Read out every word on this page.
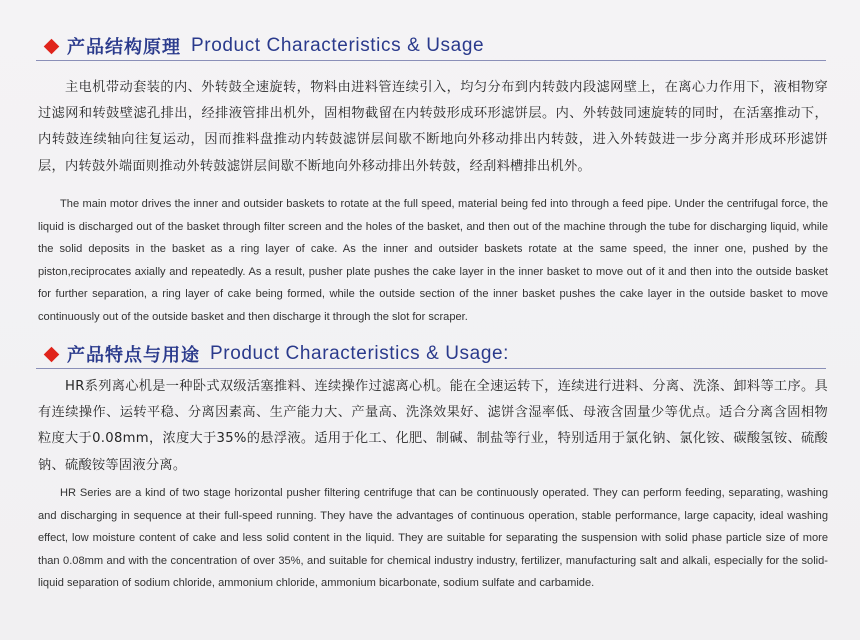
产品结构原理 Product Characteristics & Usage
主电机带动套装的内、外转鼓全速旋转，物料由进料管连续引入，均匀分布到内转鼓内段滤网壁上，在离心力作用下，液相物穿过滤网和转鼓壁滤孔排出，经排液管排出机外，固相物截留在内转鼓形成环形滤饼层。内、外转鼓同速旋转的同时，在活塞推动下，内转鼓连续轴向往复运动，因而推料盘推动内转鼓滤饼层间歇不断地向外移动排出内转鼓，进入外转鼓进一步分离并形成环形滤饼层，内转鼓外端面则推动外转鼓滤饼层间歇不断地向外移动排出外转鼓，经刮料槽排出机外。
The main motor drives the inner and outsider baskets to rotate at the full speed, material being fed into through a feed pipe. Under the centrifugal force, the liquid is discharged out of the basket through filter screen and the holes of the basket, and then out of the machine through the tube for discharging liquid, while the solid deposits in the basket as a ring layer of cake. As the inner and outsider baskets rotate at the same speed, the inner one, pushed by the piston,reciprocates axially and repeatedly. As a result, pusher plate pushes the cake layer in the inner basket to move out of it and then into the outside basket for further separation, a ring layer of cake being formed, while the outside section of the inner basket pushes the cake layer in the outside basket to move continuously out of the outside basket and then discharge it through the slot for scraper.
产品特点与用途 Product Characteristics & Usage:
HR系列离心机是一种卧式双级活塞推料、连续操作过滤离心机。能在全速运转下，连续进行进料、分离、洗涤、卸料等工序。具有连续操作、运转平稳、分离因素高、生产能力大、产量高、洗涤效果好、滤饼含湿率低、母液含固量少等优点。适合分离含固相物粒度大于0.08mm，浓度大于35%的悬浮液。适用于化工、化肥、制碱、制盐等行业，特别适用于氯化钠、氯化铵、碳酸氢铵、硫酸钠、硫酸铵等固液分离。
HR Series are a kind of two stage horizontal pusher filtering centrifuge that can be continuously operated. They can perform feeding, separating, washing and discharging in sequence at their full-speed running. They have the advantages of continuous operation, stable performance, large capacity, ideal washing effect, low moisture content of cake and less solid content in the liquid. They are suitable for separating the suspension with solid phase particle size of more than 0.08mm and with the concentration of over 35%, and suitable for chemical industry industry, fertilizer, manufacturing salt and alkali, especially for the solid-liquid separation of sodium chloride, ammonium chloride, ammonium bicarbonate, sodium sulfate and carbamide.
